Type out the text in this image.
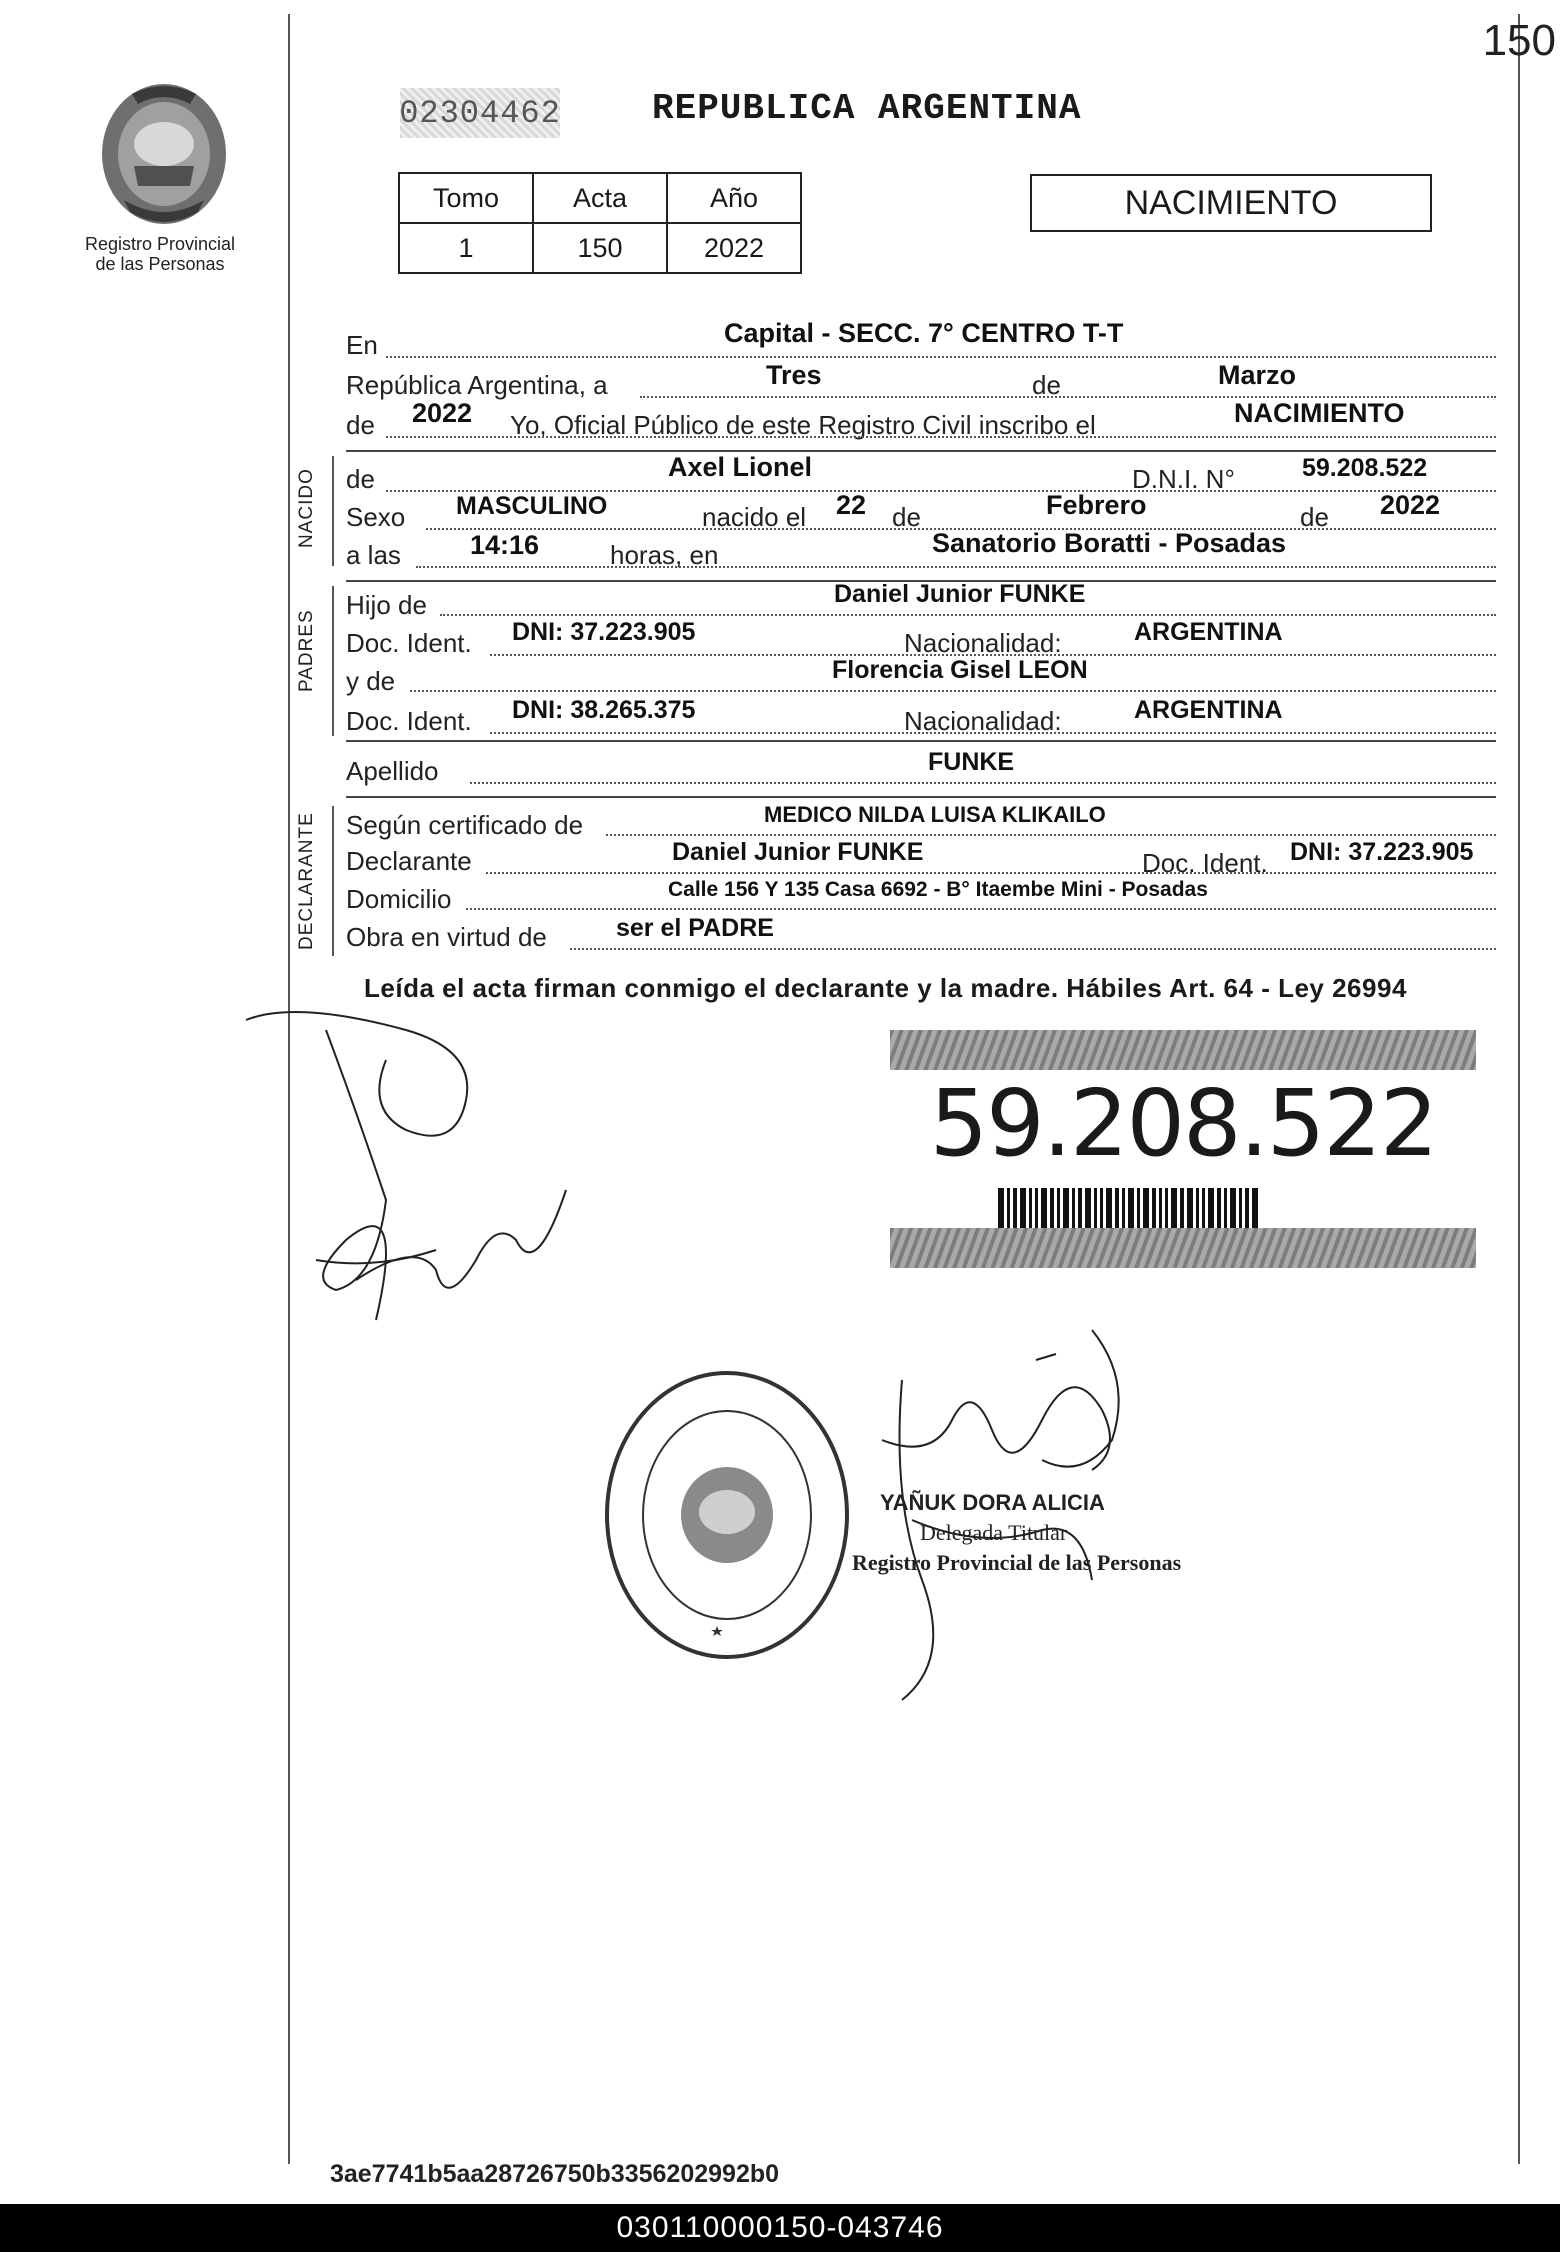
150
Registro Provincial
de las Personas
02304462	REPUBLICA ARGENTINA
Tomo	Acta	Año
1	150	2022
NACIMIENTO
En	Capital - SECC. 7° CENTRO T-T
República Argentina, a	Tres	de	Marzo
de 2022 Yo, Oficial Público de este Registro Civil inscribo el	NACIMIENTO
NACIDO de	Axel Lionel	D.N.I. N°	59.208.522
Sexo MASCULINO	nacido el 22 de	Febrero	de 2022
a las	14:16	horas, en	Sanatorio Boratti - Posadas
PADRES
Hijo de	Daniel Junior FUNKE
Doc. Ident. DNI: 37.223.905	Nacionalidad:	ARGENTINA
y de	Florencia Gisel LEON
Doc. Ident. DNI: 38.265.375	Nacionalidad:	ARGENTINA
Apellido	FUNKE
DECLARANTE Según certificado de	MEDICO NILDA LUISA KLIKAILO
Declarante	Daniel Junior FUNKE	Doc. Ident. DNI: 37.223.905
Domicilio	Calle 156 Y 135 Casa 6692 - B° Itaembe Mini - Posadas
Obra en virtud de	ser el PADRE
Leída el acta firman conmigo el declarante y la madre. Hábiles Art. 64 - Ley 26994
59.208.522
YAÑUK DORA ALICIA
Delegada Titular
Registro Provincial de las Personas
3ae7741b5aa28726750b3356202992b0
030110000150-043746
